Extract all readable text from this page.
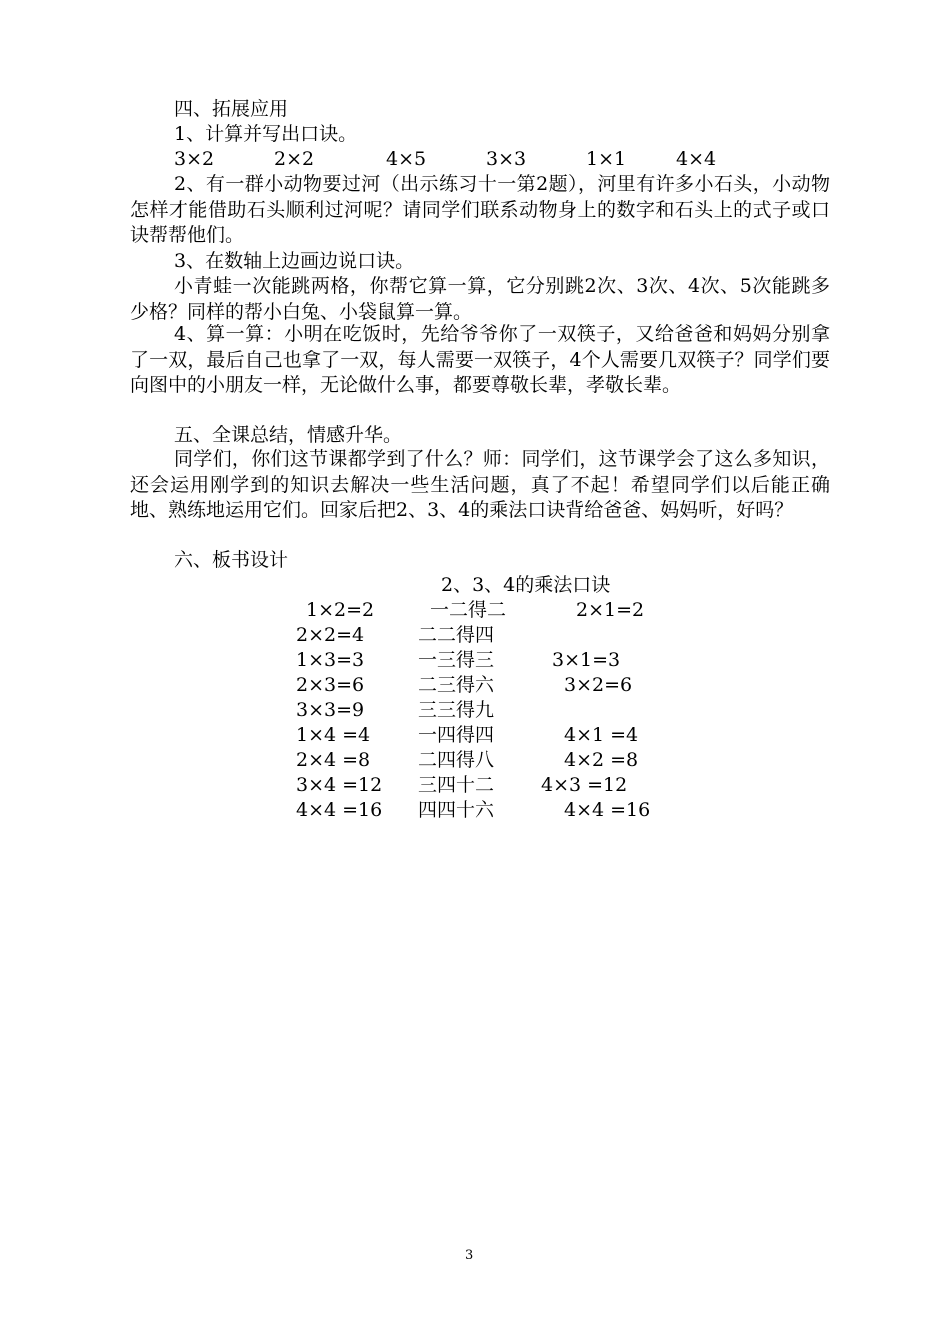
四、拓展应用
1、计算并写出口诀。
3×2	2×2	4×5	3×3	1×1	4×4

2、有一群小动物要过河（出示练习十一第2题），河里有许多小石头，小动物怎样才能借助石头顺利过河呢？请同学们联系动物身上的数字和石头上的式子或口诀帮帮他们。

3、在数轴上边画边说口诀。

小青蛙一次能跳两格，你帮它算一算，它分别跳2次、3次、4次、5次能跳多少格？同样的帮小白兔、小袋鼠算一算。

4、算一算：小明在吃饭时，先给爷爷你了一双筷子，又给爸爸和妈妈分别拿了一双，最后自己也拿了一双，每人需要一双筷子，4个人需要几双筷子？同学们要向图中的小朋友一样，无论做什么事，都要尊敬长辈，孝敬长辈。

五、全课总结，情感升华。

同学们，你们这节课都学到了什么？师：同学们，这节课学会了这么多知识，还会运用刚学到的知识去解决一些生活问题，真了不起！希望同学们以后能正确地、熟练地运用它们。回家后把2、3、4的乘法口诀背给爸爸、妈妈听，好吗？

六、板书设计
2、3、4的乘法口诀
1×2=2	一二得二	2×1=2
2×2=4	二二得四
1×3=3	一三得三	3×1=3
2×3=6	二三得六	3×2=6
3×3=9	三三得九
1×4 =4	一四得四	4×1 =4
2×4 =8	二四得八	4×2 =8
3×4 =12 三四十二 4×3 =12
4×4 =16 四四十六	4×4 =16
3
